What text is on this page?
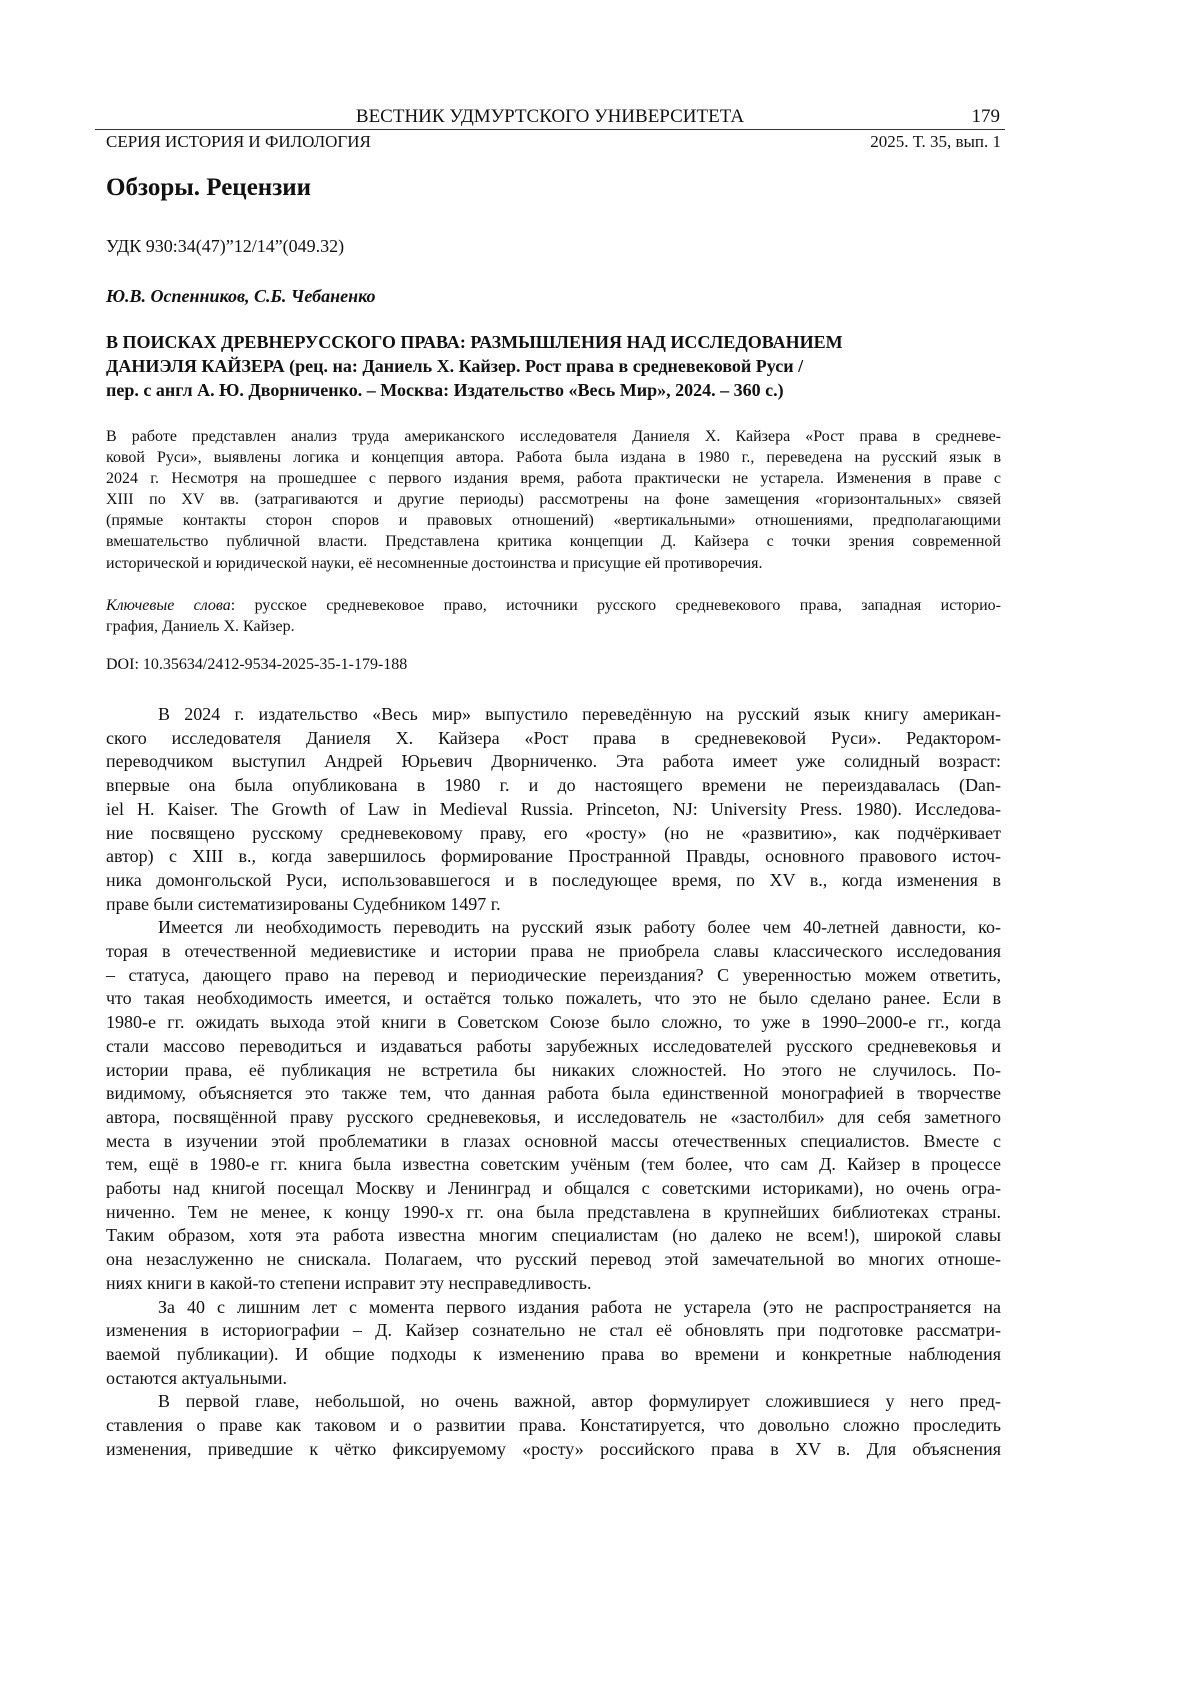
ВЕСТНИК УДМУРТСКОГО УНИВЕРСИТЕТА	179
СЕРИЯ ИСТОРИЯ И ФИЛОЛОГИЯ	2025. Т. 35, вып. 1
Обзоры. Рецензии
УДК 930:34(47)”12/14”(049.32)
Ю.В. Оспенников, С.Б. Чебаненко
В ПОИСКАХ ДРЕВНЕРУССКОГО ПРАВА: РАЗМЫШЛЕНИЯ НАД ИССЛЕДОВАНИЕМ
ДАНИЭЛЯ КАЙЗЕРА (рец. на: Даниель Х. Кайзер. Рост права в средневековой Руси /
пер. с англ А. Ю. Дворниченко. – Москва: Издательство «Весь Мир», 2024. – 360 с.)
В работе представлен анализ труда американского исследователя Даниеля Х. Кайзера «Рост права в средневе-
ковой Руси», выявлены логика и концепция автора. Работа была издана в 1980 г., переведена на русский язык в
2024 г. Несмотря на прошедшее с первого издания время, работа практически не устарела. Изменения в праве с
XIII по XV вв. (затрагиваются и другие периоды) рассмотрены на фоне замещения «горизонтальных» связей
(прямые контакты сторон споров и правовых отношений) «вертикальными» отношениями, предполагающими
вмешательство публичной власти. Представлена критика концепции Д. Кайзера с точки зрения современной
исторической и юридической науки, её несомненные достоинства и присущие ей противоречия.
Ключевые слова: русское средневековое право, источники русского средневекового права, западная историо-
графия, Даниель Х. Кайзер.
DOI: 10.35634/2412-9534-2025-35-1-179-188
В 2024 г. издательство «Весь мир» выпустило переведённую на русский язык книгу американ-
ского исследователя Даниеля Х. Кайзера «Рост права в средневековой Руси». Редактором-
переводчиком выступил Андрей Юрьевич Дворниченко. Эта работа имеет уже солидный возраст:
впервые она была опубликована в 1980 г. и до настоящего времени не переиздавалась (Dan-
iel H. Kaiser. The Growth of Law in Medieval Russia. Princeton, NJ: University Press. 1980). Исследова-
ние посвящено русскому средневековому праву, его «росту» (но не «развитию», как подчёркивает
автор) с XIII в., когда завершилось формирование Пространной Правды, основного правового источ-
ника домонгольской Руси, использовавшегося и в последующее время, по XV в., когда изменения в
праве были систематизированы Судебником 1497 г.
Имеется ли необходимость переводить на русский язык работу более чем 40-летней давности, ко-
торая в отечественной медиевистике и истории права не приобрела славы классического исследования
– статуса, дающего право на перевод и периодические переиздания? С уверенностью можем ответить,
что такая необходимость имеется, и остаётся только пожалеть, что это не было сделано ранее. Если в
1980-е гг. ожидать выхода этой книги в Советском Союзе было сложно, то уже в 1990–2000-е гг., когда
стали массово переводиться и издаваться работы зарубежных исследователей русского средневековья и
истории права, её публикация не встретила бы никаких сложностей. Но этого не случилось. По-
видимому, объясняется это также тем, что данная работа была единственной монографией в творчестве
автора, посвящённой праву русского средневековья, и исследователь не «застолбил» для себя заметного
места в изучении этой проблематики в глазах основной массы отечественных специалистов. Вместе с
тем, ещё в 1980-е гг. книга была известна советским учёным (тем более, что сам Д. Кайзер в процессе
работы над книгой посещал Москву и Ленинград и общался с советскими историками), но очень огра-
ниченно. Тем не менее, к концу 1990-х гг. она была представлена в крупнейших библиотеках страны.
Таким образом, хотя эта работа известна многим специалистам (но далеко не всем!), широкой славы
она незаслуженно не снискала. Полагаем, что русский перевод этой замечательной во многих отноше-
ниях книги в какой-то степени исправит эту несправедливость.
За 40 с лишним лет с момента первого издания работа не устарела (это не распространяется на
изменения в историографии – Д. Кайзер сознательно не стал её обновлять при подготовке рассматри-
ваемой публикации). И общие подходы к изменению права во времени и конкретные наблюдения
остаются актуальными.
В первой главе, небольшой, но очень важной, автор формулирует сложившиеся у него пред-
ставления о праве как таковом и о развитии права. Констатируется, что довольно сложно проследить
изменения, приведшие к чётко фиксируемому «росту» российского права в XV в. Для объяснения
